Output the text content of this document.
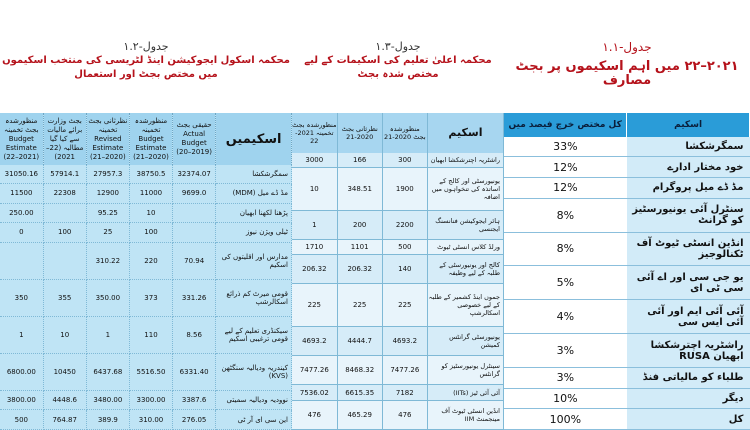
جدول-۱.۲
محکمہ اسکول ایجوکیشن اینڈ لٹریسی کی منتخب اسکیموں میں مختص بجٹ اور استعمال
جدول-۱.۳
محکمہ اعلیٰ تعلیم کی اسکیمات کے لیے مختص شدہ بجٹ
جدول-۱.۱
۲۰۲۱–۲۲ میں اہم اسکیموں پر بجٹ مصارف
منظورشدہ بجٹ تخمینہ Budget Estimate (22–2021)	بجٹ وزارت برائے مالیات سے کیا گیا مطالبہ (22–2021)	نظرثانی بجٹ تخمینہ Revised Estimate (21–2020)	منظورشدہ تخمینہ Budget Estimate (21–2020)	حقیقی بجٹ Actual Budget (20–2019)	اسکیمیں
31050.16	57914.1	27957.3	38750.5	32374.07	سمگرشکشا
11500	22308	12900	11000	9699.0	مڈ ڈے میل (MDM)
250.00		95.25	10		پڑھنا لکھنا ابھیان
0	100	25	100		ٹیلی ویژن نیوز
		310.22	220	70.94	مدارس اور اقلیتوں کی اسکیم
350	355	350.00	373	331.26	قومی میرٹ کم ذرائع اسکالرشپ
1	10	1	110	8.56	سیکنڈری تعلیم کے لیے قومی ترغیبی اسکیم
6800.00	10450	6437.68	5516.50	6331.40	کیندریہ ودیالیہ سنگٹھن (KVS)
3800.00	4448.6	3480.00	3300.00	3387.6	نوودیہ ودیالیہ سمیتی
500	764.87	389.9	310.00	276.05	این سی ای آر ٹی
منظورشدہ بجٹ تخمینہ 2021-22	نظرثانی بجٹ 2020-21	منظورشدہ بجٹ 2020-21	اسکیم
3000	166	300	راشٹریہ اچترشکشا ابھیان
10	348.51	1900	یونیورسٹی اور کالج کے اساتذہ کی تنخواہوں میں اضافہ
1	200	2200	ہائر ایجوکیشن فنانسنگ ایجنسی
1710	1101	500	ورلڈ کلاس انسٹی ٹیوٹ
206.32	206.32	140	کالج اور یونیورسٹی کے طلبہ کے لیے وظیفہ
225	225	225	جموں اینڈ کشمیر کے طلبہ کے لیے خصوصی اسکالرشپ
4693.2	4444.7	4693.2	یونیورسٹی گرانٹس کمیشن
7477.26	8468.32	7477.26	سینٹرل یونیورسٹیز کو گرانٹس
7536.02	6615.35	7182	آئی آئی ٹیز (IITs)
476	465.29	476	انڈین انسٹی ٹیوٹ آف مینجمنٹ IIM
کل مختص خرچ فیصد میں	اسکیم
33%	سمگرشکشا
12%	خود مختار ادارے
12%	مڈ ڈے میل پروگرام
8%	سنٹرل آئی یونیورسٹیز کو گرانٹ
8%	انڈین انسٹی ٹیوٹ آف ٹکنالوجیز
5%	یو جی سی اور اے آئی سی ٹی ای
4%	آئی آئی ایم اور آئی آئی ایس سی
3%	راشٹریہ اچترشکشا ابھیان RUSA
3%	طلباء کو مالیاتی فنڈ
10%	دیگر
100%	کل
